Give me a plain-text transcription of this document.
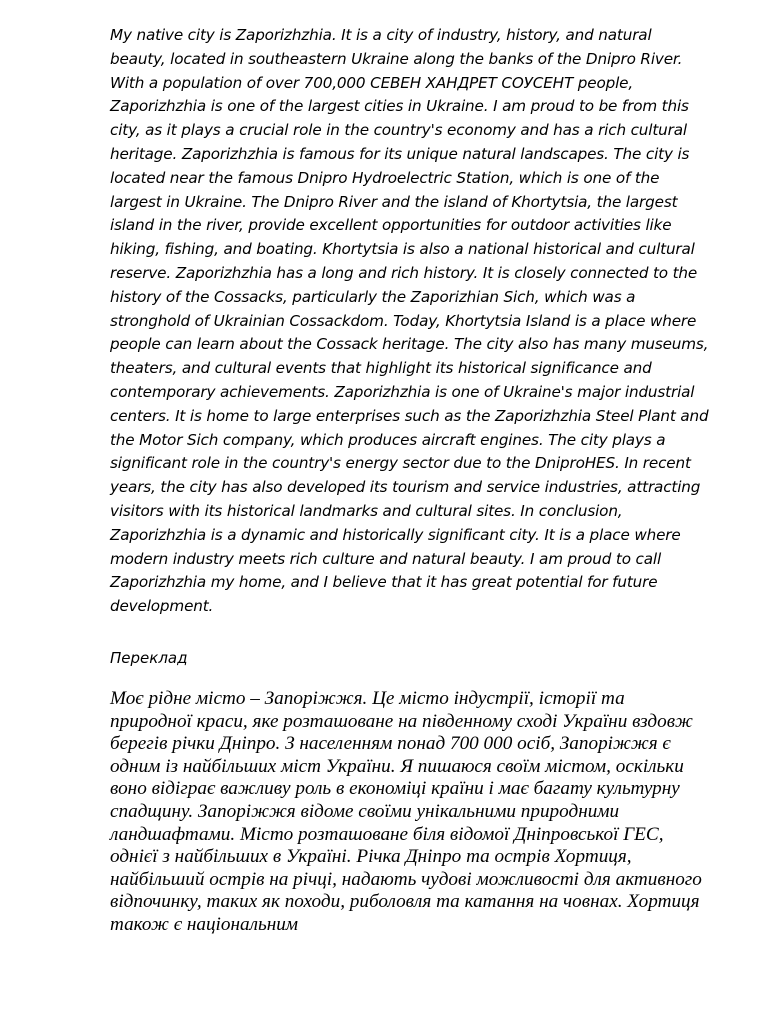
My native city is Zaporizhzhia. It is a city of industry, history, and natural beauty, located in southeastern Ukraine along the banks of the Dnipro River. With a population of over 700,000 СЕВЕН ХАНДРЕТ СОУСЕНТ people, Zaporizhzhia is one of the largest cities in Ukraine. I am proud to be from this city, as it plays a crucial role in the country's economy and has a rich cultural heritage. Zaporizhzhia is famous for its unique natural landscapes. The city is located near the famous Dnipro Hydroelectric Station, which is one of the largest in Ukraine. The Dnipro River and the island of Khortytsia, the largest island in the river, provide excellent opportunities for outdoor activities like hiking, fishing, and boating. Khortytsia is also a national historical and cultural reserve. Zaporizhzhia has a long and rich history. It is closely connected to the history of the Cossacks, particularly the Zaporizhian Sich, which was a stronghold of Ukrainian Cossackdom. Today, Khortytsia Island is a place where people can learn about the Cossack heritage. The city also has many museums, theaters, and cultural events that highlight its historical significance and contemporary achievements. Zaporizhzhia is one of Ukraine's major industrial centers. It is home to large enterprises such as the Zaporizhzhia Steel Plant and the Motor Sich company, which produces aircraft engines. The city plays a significant role in the country's energy sector due to the DniproHES. In recent years, the city has also developed its tourism and service industries, attracting visitors with its historical landmarks and cultural sites. In conclusion, Zaporizhzhia is a dynamic and historically significant city. It is a place where modern industry meets rich culture and natural beauty. I am proud to call Zaporizhzhia my home, and I believe that it has great potential for future development.

Переклад

Моє рідне місто – Запоріжжя. Це місто індустрії, історії та природної краси, яке розташоване на південному сході України вздовж берегів річки Дніпро. З населенням понад 700 000 осіб, Запоріжжя є одним із найбільших міст України. Я пишаюся своїм містом, оскільки воно відіграє важливу роль в економіці країни і має багату культурну спадщину. Запоріжжя відоме своїми унікальними природними ландшафтами. Місто розташоване біля відомої Дніпровської ГЕС, однієї з найбільших в Україні. Річка Дніпро та острів Хортиця, найбільший острів на річці, надають чудові можливості для активного відпочинку, таких як походи, риболовля та катання на човнах. Хортиця також є національним
